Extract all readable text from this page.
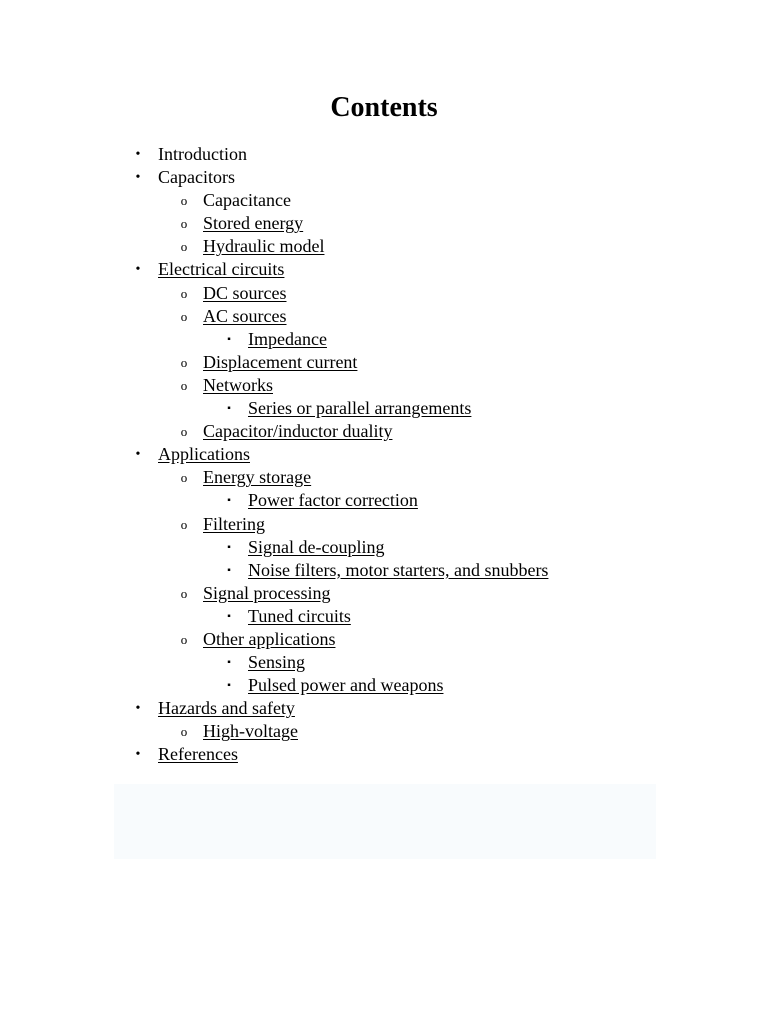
Contents
• Introduction
• Capacitors
o Capacitance
o Stored energy
o Hydraulic model
• Electrical circuits
o DC sources
o AC sources
▪ Impedance
o Displacement current
o Networks
▪ Series or parallel arrangements
o Capacitor/inductor duality
• Applications
o Energy storage
▪ Power factor correction
o Filtering
▪ Signal de-coupling
▪ Noise filters, motor starters, and snubbers
o Signal processing
▪ Tuned circuits
o Other applications
▪ Sensing
▪ Pulsed power and weapons
• Hazards and safety
o High-voltage
• References
